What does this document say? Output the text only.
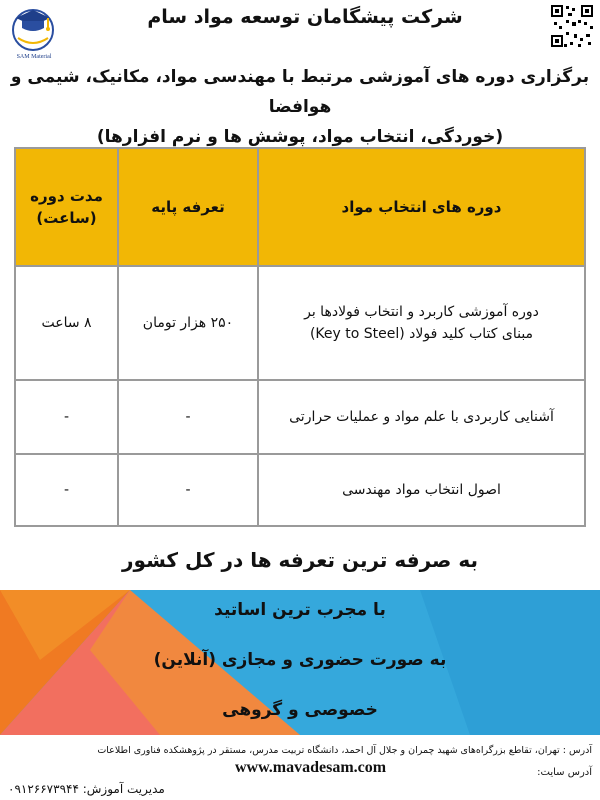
SAM Material
شرکت پیشگامان توسعه مواد سام
برگزاری دوره های آموزشی مرتبط با مهندسی مواد، مکانیک، شیمی و هوافضا
(خوردگی، انتخاب مواد، پوشش ها و نرم افزارها)
دوره های انتخاب مواد
تعرفه پایه
مدت دوره
(ساعت)
دوره آموزشی کاربرد و انتخاب فولادها بر
مبنای کتاب کلید فولاد (Key to Steel)
۲۵۰ هزار تومان
۸ ساعت
آشنایی کاربردی با علم مواد و عملیات حرارتی
-
-
اصول انتخاب مواد مهندسی
-
-
به صرفه ترین تعرفه ها در کل کشور
با مجرب ترین اساتید
به صورت حضوری و مجازی (آنلاین)
خصوصی و گروهی
آدرس : تهران، تقاطع بزرگراه‌های شهید چمران و جلال آل احمد، دانشگاه تربیت مدرس، مستقر در پژوهشکده فناوری اطلاعات
آدرس سایت:
www.mavadesam.com
مدیریت آموزش: ۰۹۱۲۶۶۷۳۹۴۴
